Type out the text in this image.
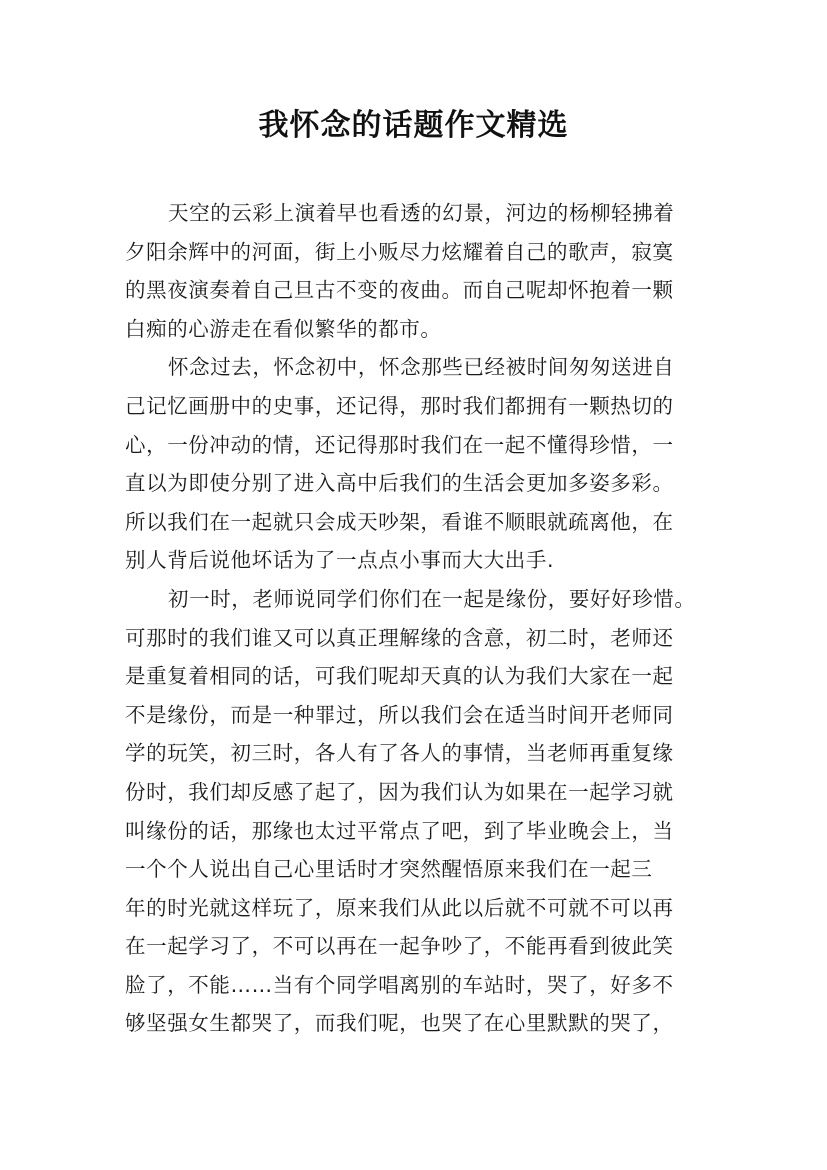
我怀念的话题作文精选
天空的云彩上演着早也看透的幻景，河边的杨柳轻拂着
夕阳余辉中的河面，街上小贩尽力炫耀着自己的歌声，寂寞
的黑夜演奏着自己旦古不变的夜曲。而自己呢却怀抱着一颗
白痴的心游走在看似繁华的都市。
怀念过去，怀念初中，怀念那些已经被时间匆匆送进自
己记忆画册中的史事，还记得，那时我们都拥有一颗热切的
心，一份冲动的情，还记得那时我们在一起不懂得珍惜，一
直以为即使分别了进入高中后我们的生活会更加多姿多彩。
所以我们在一起就只会成天吵架，看谁不顺眼就疏离他，在
别人背后说他坏话为了一点点小事而大大出手.
初一时，老师说同学们你们在一起是缘份，要好好珍惜。
可那时的我们谁又可以真正理解缘的含意，初二时，老师还
是重复着相同的话，可我们呢却天真的认为我们大家在一起
不是缘份，而是一种罪过，所以我们会在适当时间开老师同
学的玩笑，初三时，各人有了各人的事情，当老师再重复缘
份时，我们却反感了起了，因为我们认为如果在一起学习就
叫缘份的话，那缘也太过平常点了吧，到了毕业晚会上，当
一个个人说出自己心里话时才突然醒悟原来我们在一起三
年的时光就这样玩了，原来我们从此以后就不可就不可以再
在一起学习了，不可以再在一起争吵了，不能再看到彼此笑
脸了，不能……当有个同学唱离别的车站时，哭了，好多不
够坚强女生都哭了，而我们呢，也哭了在心里默默的哭了，
